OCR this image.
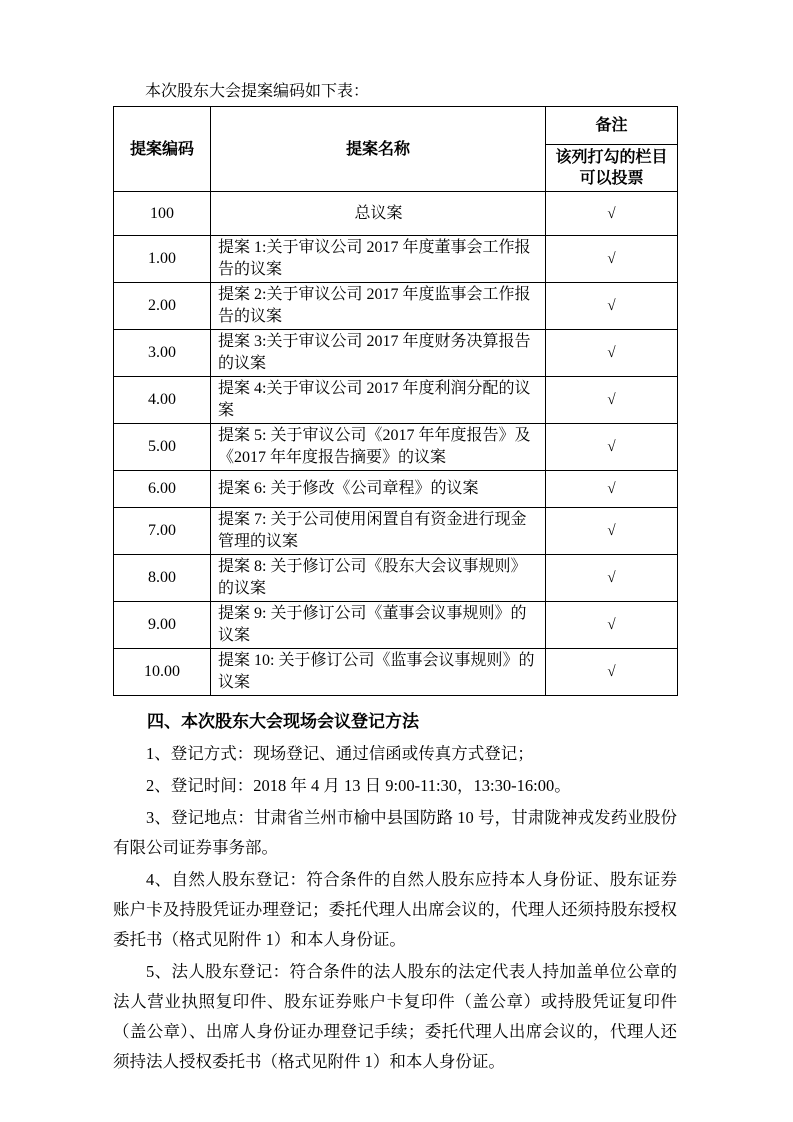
本次股东大会提案编码如下表：

提案编码	提案名称	备注
		该列打勾的栏目可以投票
100	总议案	√
1.00	提案 1:关于审议公司 2017 年度董事会工作报告的议案	√
2.00	提案 2:关于审议公司 2017 年度监事会工作报告的议案	√
3.00	提案 3:关于审议公司 2017 年度财务决算报告的议案	√
4.00	提案 4:关于审议公司 2017 年度利润分配的议案	√
5.00	提案 5: 关于审议公司《2017 年年度报告》及《2017 年年度报告摘要》的议案	√
6.00	提案 6: 关于修改《公司章程》的议案	√
7.00	提案 7: 关于公司使用闲置自有资金进行现金管理的议案	√
8.00	提案 8: 关于修订公司《股东大会议事规则》的议案	√
9.00	提案 9: 关于修订公司《董事会议事规则》的议案	√
10.00	提案 10: 关于修订公司《监事会议事规则》的议案	√
四、本次股东大会现场会议登记方法

1、登记方式：现场登记、通过信函或传真方式登记；

2、登记时间：2018 年 4 月 13 日 9:00-11:30，13:30-16:00。

3、登记地点：甘肃省兰州市榆中县国防路 10 号，甘肃陇神戎发药业股份有限公司证券事务部。

4、自然人股东登记：符合条件的自然人股东应持本人身份证、股东证券账户卡及持股凭证办理登记；委托代理人出席会议的，代理人还须持股东授权委托书（格式见附件 1）和本人身份证。

5、法人股东登记：符合条件的法人股东的法定代表人持加盖单位公章的法人营业执照复印件、股东证券账户卡复印件（盖公章）或持股凭证复印件（盖公章）、出席人身份证办理登记手续；委托代理人出席会议的，代理人还须持法人授权委托书（格式见附件 1）和本人身份证。
